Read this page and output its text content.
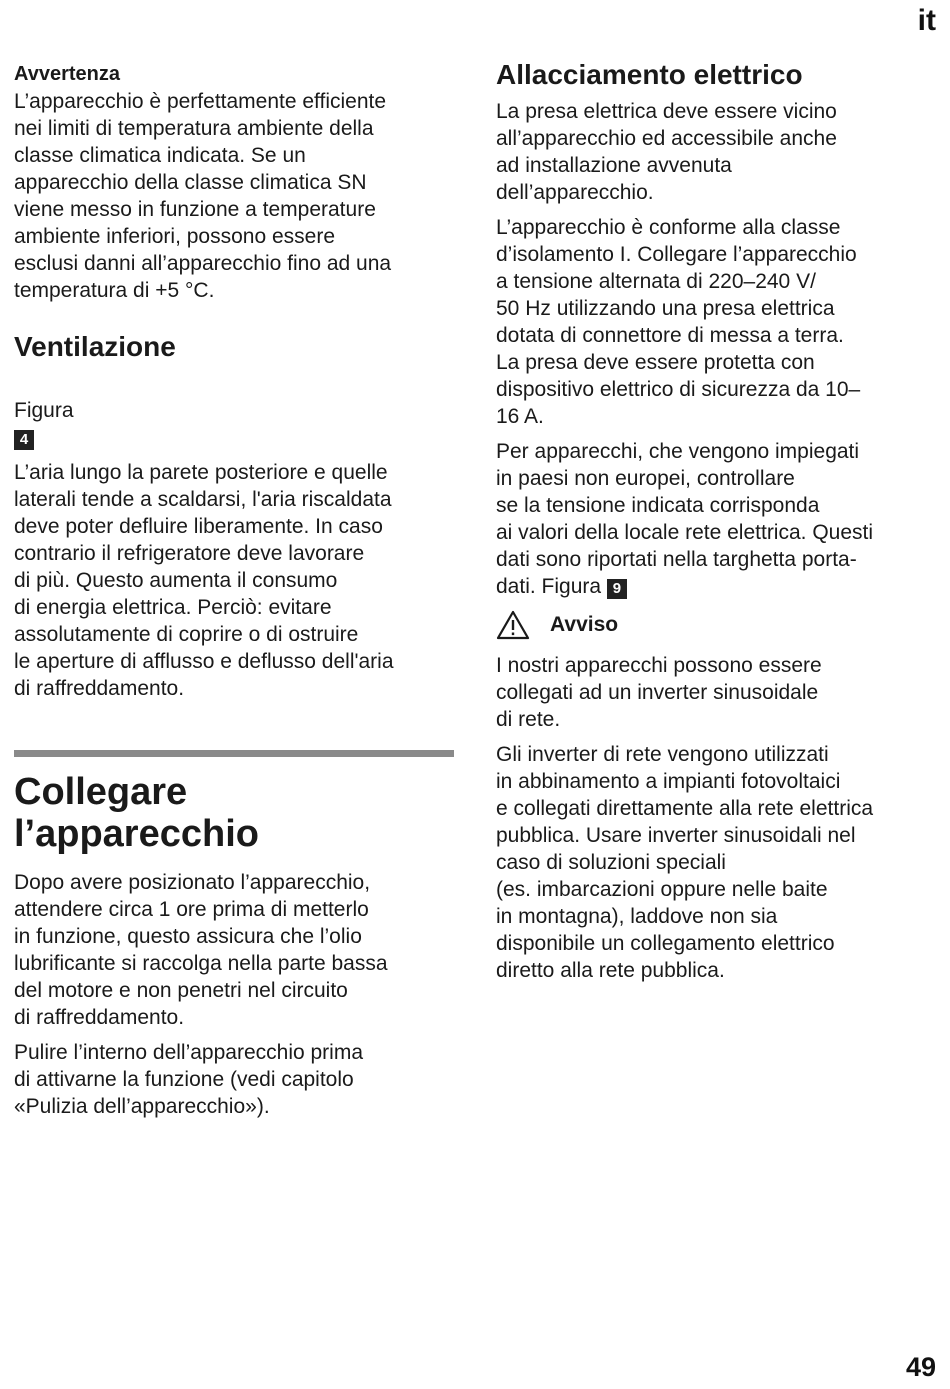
it
Avvertenza

L’apparecchio è perfettamente efficiente
nei limiti di temperatura ambiente della
classe climatica indicata. Se un
apparecchio della classe climatica SN
viene messo in funzione a temperature
ambiente inferiori, possono essere
esclusi danni all’apparecchio fino ad una
temperatura di +5 °C.

Ventilazione

Figura
4

L’aria lungo la parete posteriore e quelle
laterali tende a scaldarsi, l'aria riscaldata
deve poter defluire liberamente. In caso
contrario il refrigeratore deve lavorare
di più. Questo aumenta il consumo
di energia elettrica. Perciò: evitare
assolutamente di coprire o di ostruire
le aperture di afflusso e deflusso dell'aria
di raffreddamento.

Collegare
l’apparecchio

Dopo avere posizionato l’apparecchio,
attendere circa 1 ore prima di metterlo
in funzione, questo assicura che l’olio
lubrificante si raccolga nella parte bassa
del motore e non penetri nel circuito
di raffreddamento.

Pulire l’interno dell’apparecchio prima
di attivarne la funzione (vedi capitolo
«Pulizia dell’apparecchio»).

Allacciamento elettrico

La presa elettrica deve essere vicino
all’apparecchio ed accessibile anche
ad installazione avvenuta
dell’apparecchio.

L’apparecchio è conforme alla classe
d’isolamento I. Collegare l’apparecchio
a tensione alternata di 220–240 V/
50 Hz utilizzando una presa elettrica
dotata di connettore di messa a terra.
La presa deve essere protetta con
dispositivo elettrico di sicurezza da 10–
16 A.

Per apparecchi, che vengono impiegati
in paesi non europei, controllare
se la tensione indicata corrisponda
ai valori della locale rete elettrica. Questi
dati sono riportati nella targhetta porta-
dati. Figura 9

Avviso

I nostri apparecchi possono essere
collegati ad un inverter sinusoidale
di rete.

Gli inverter di rete vengono utilizzati
in abbinamento a impianti fotovoltaici
e collegati direttamente alla rete elettrica
pubblica. Usare inverter sinusoidali nel
caso di soluzioni speciali
(es. imbarcazioni oppure nelle baite
in montagna), laddove non sia
disponibile un collegamento elettrico
diretto alla rete pubblica.

49
